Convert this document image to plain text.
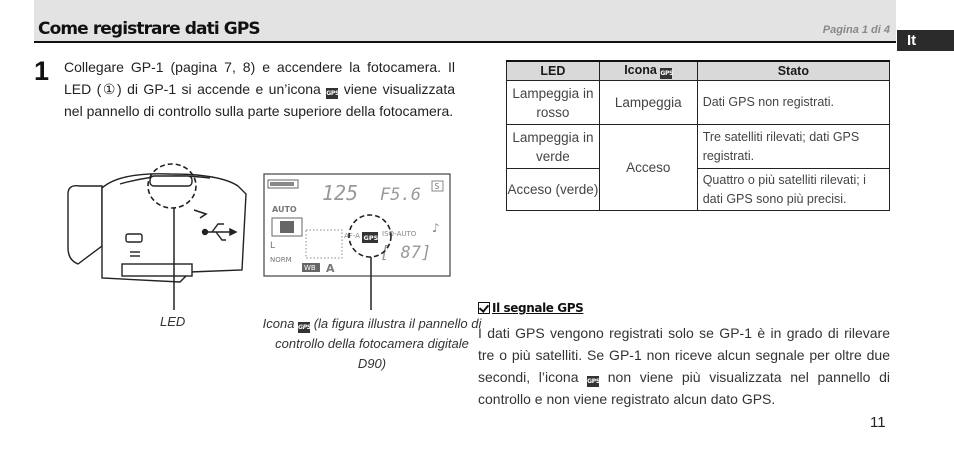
Come registrare dati GPS	Pagina 1 di 4
It
1 Collegare GP-1 (pagina 7, 8) e accendere la fotocamera. Il LED (①) di GP-1 si accende e un’icona GPS viene visualizzata nel pannello di controllo sulla parte superiore della fotocamera.
AUTO
L
NORM
WB A
125 F5.6 S
AF-A GPS ISO-AUTO ♪
[ 87]
LED	Icona GPS (la figura illustra il pannello di controllo della fotocamera digitale D90)
LED	Icona GPS	Stato
Lampeggia in rosso	Lampeggia	Dati GPS non registrati.
Lampeggia in verde	Acceso	Tre satelliti rilevati; dati GPS registrati.
Acceso (verde)		Quattro o più satelliti rilevati; i dati GPS sono più precisi.
Il segnale GPS
I dati GPS vengono registrati solo se GP-1 è in grado di rilevare tre o più satelliti. Se GP-1 non riceve alcun segnale per oltre due secondi, l’icona GPS non viene più visualizzata nel pannello di controllo e non viene registrato alcun dato GPS.
11
